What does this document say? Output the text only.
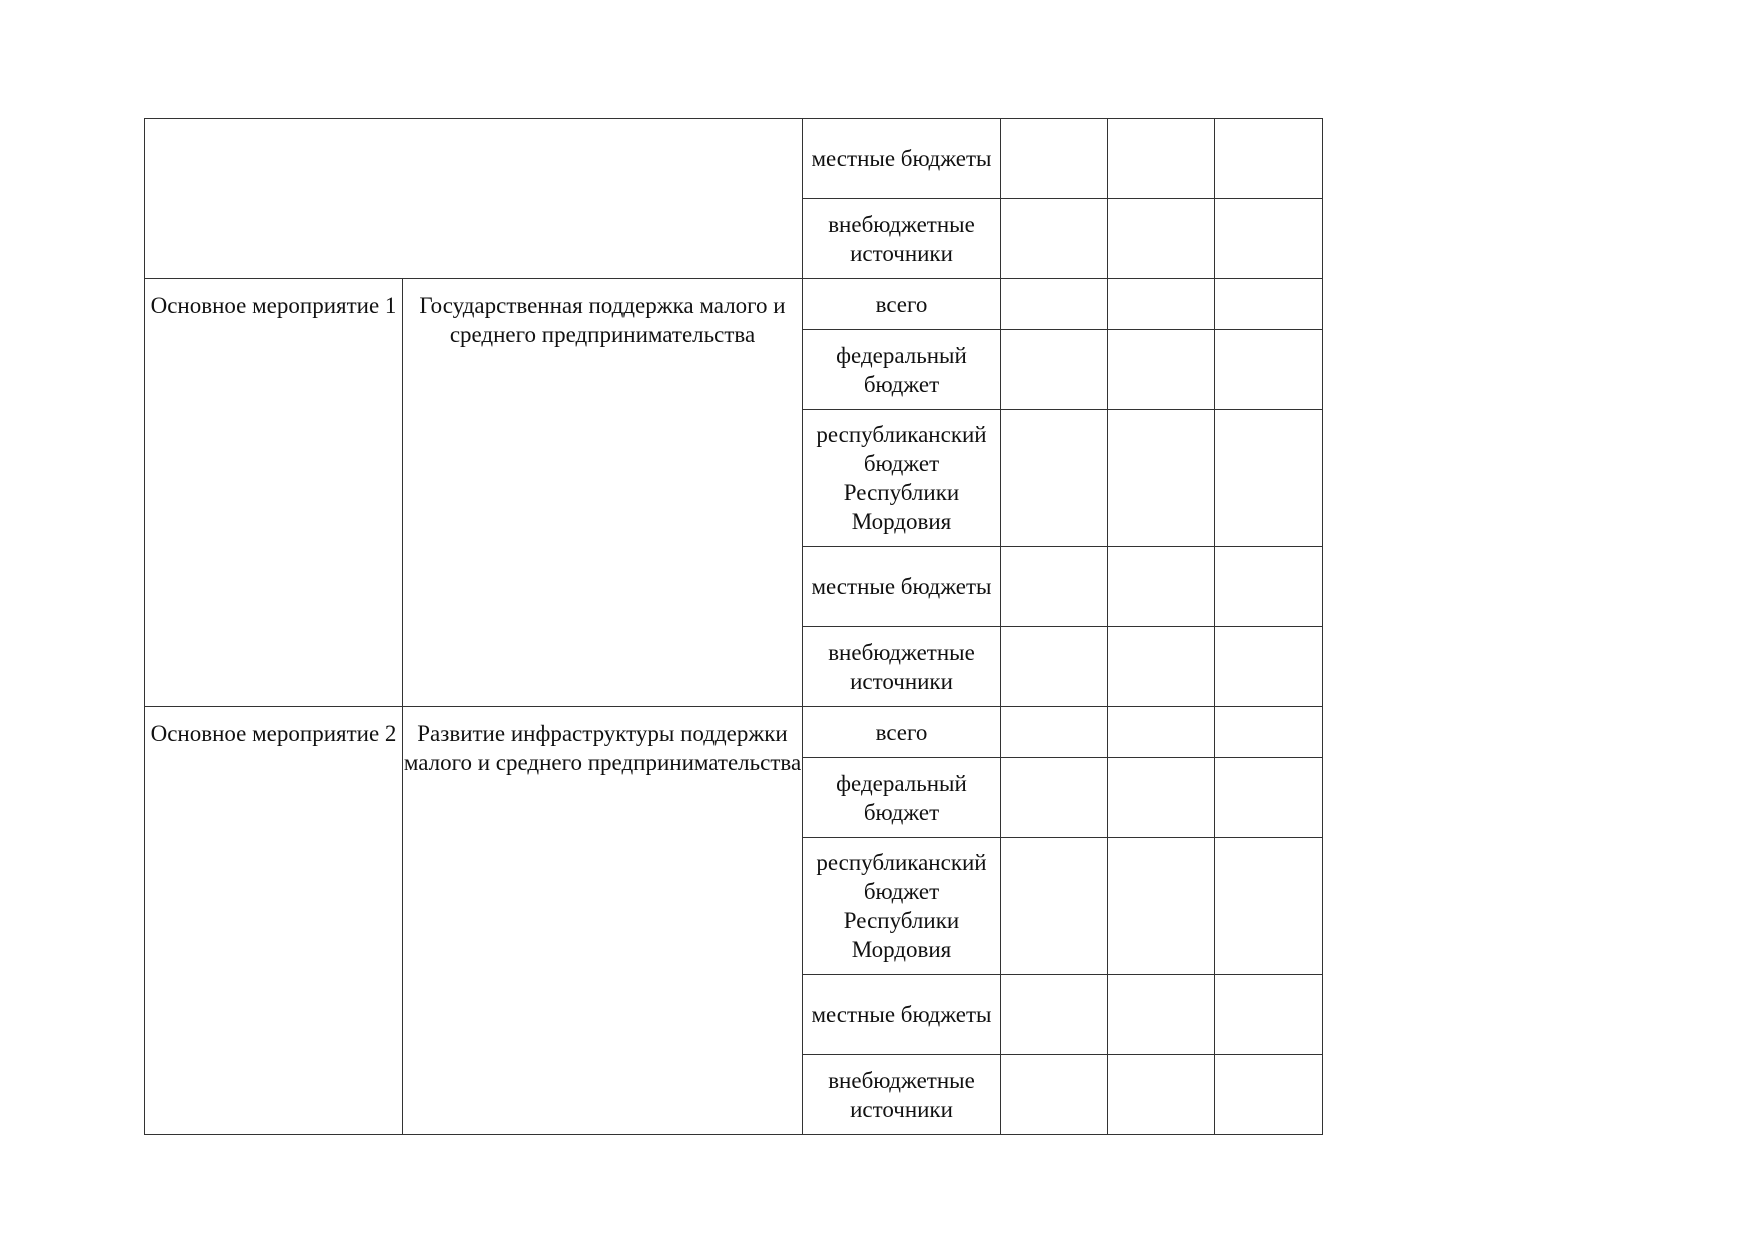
		местные бюджеты			
		внебюджетные источники			
Основное мероприятие 1	Государственная поддержка малого и среднего предпринимательства	всего			
		федеральный бюджет			
		республиканский бюджет Республики Мордовия			
		местные бюджеты			
		внебюджетные источники			
Основное мероприятие 2	Развитие инфраструктуры поддержки малого и среднего предпринимательства	всего			
		федеральный бюджет			
		республиканский бюджет Республики Мордовия			
		местные бюджеты			
		внебюджетные источники			
